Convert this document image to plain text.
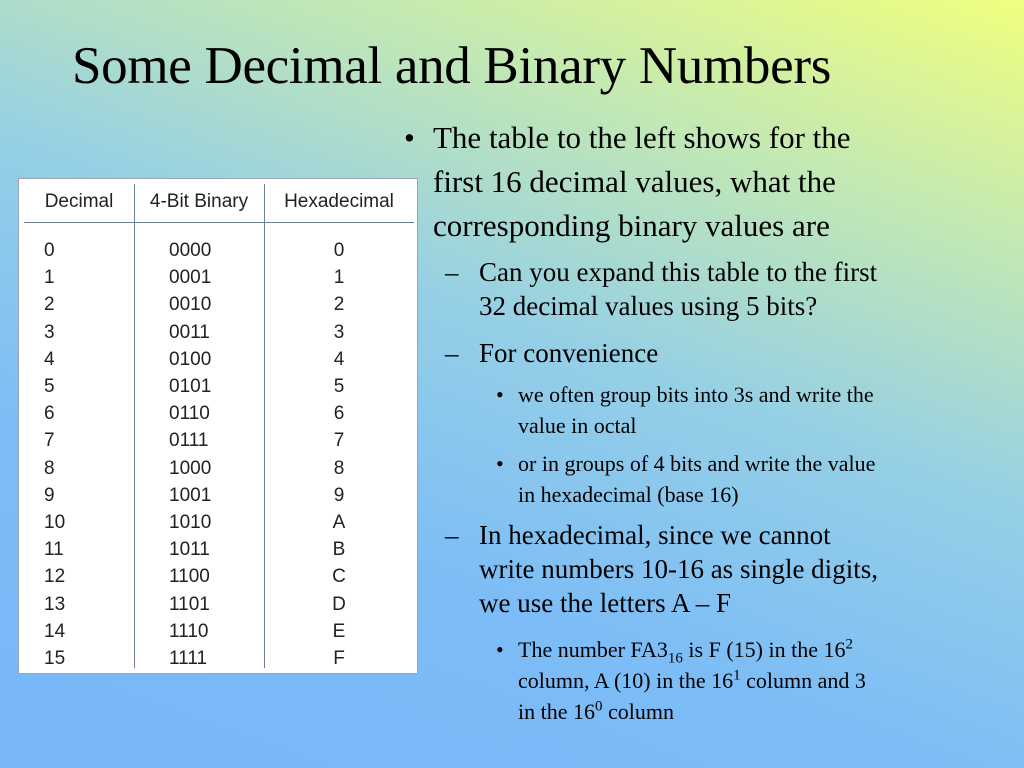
Some Decimal and Binary Numbers
Decimal	4-Bit Binary	Hexadecimal
0	0000	0
1	0001	1
2	0010	2
3	0011	3
4	0100	4
5	0101	5
6	0110	6
7	0111	7
8	1000	8
9	1001	9
10	1010	A
11	1011	B
12	1100	C
13	1101	D
14	1110	E
15	1111	F
• The table to the left shows for the
first 16 decimal values, what the
corresponding binary values are
– Can you expand this table to the first
32 decimal values using 5 bits?
– For convenience
• we often group bits into 3s and write the
value in octal
• or in groups of 4 bits and write the value
in hexadecimal (base 16)
– In hexadecimal, since we cannot
write numbers 10-16 as single digits,
we use the letters A – F
• The number $FA3_{16}$ is F (15) in the $16^2$
column, A (10) in the $16^1$ column and 3
in the $16^0$ column
